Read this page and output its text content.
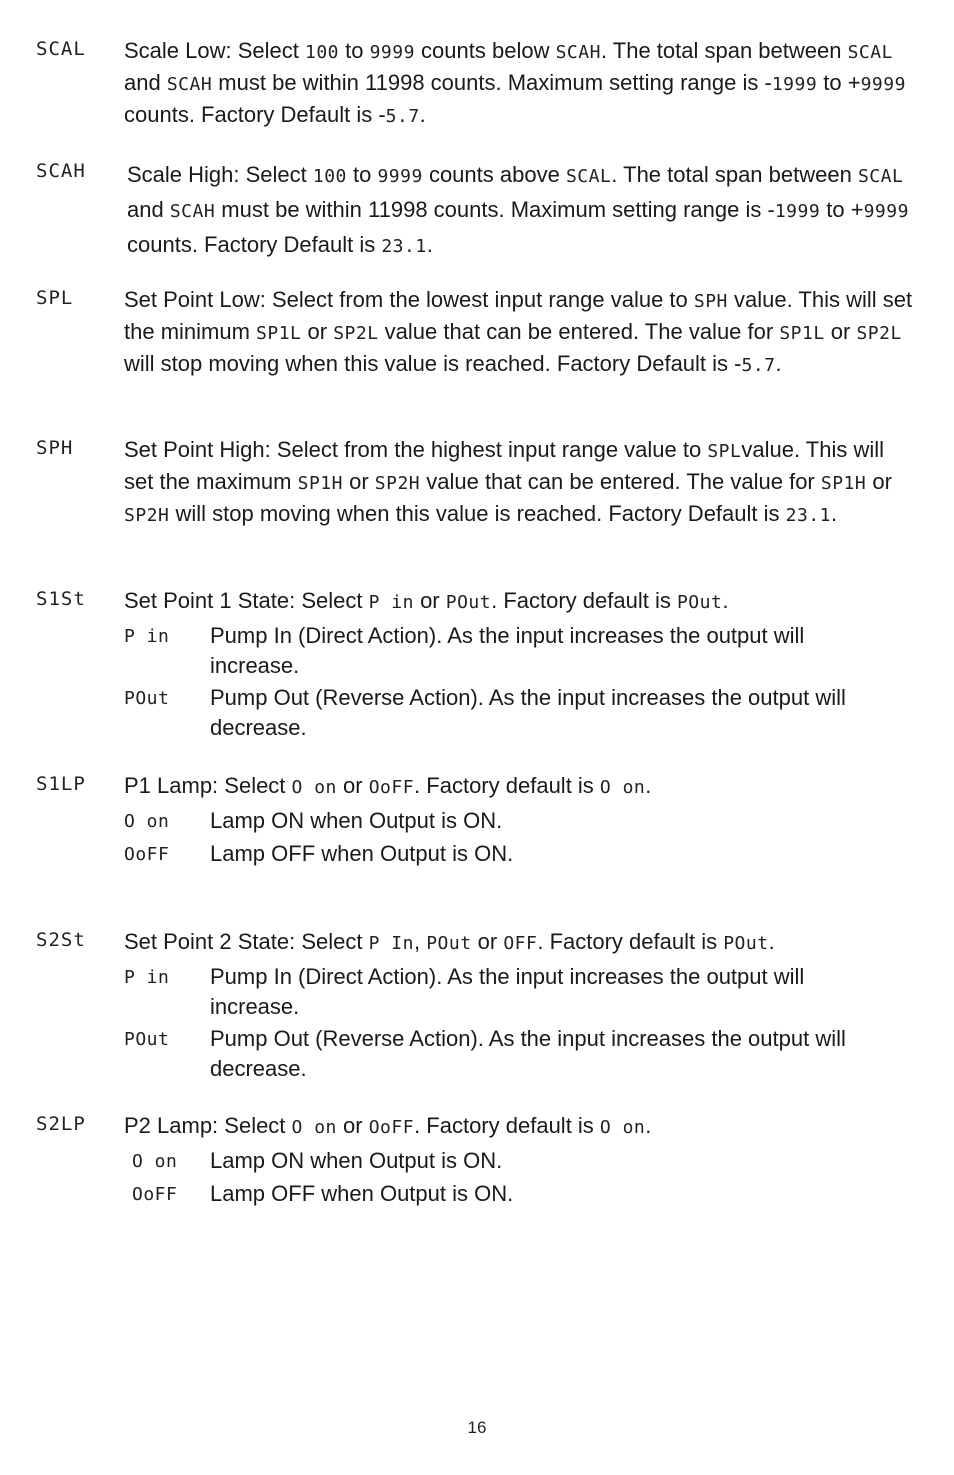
SCAL Scale Low: Select 100 to 9999 counts below SCAH. The total span between SCAL and SCAH must be within 11998 counts. Maximum setting range is -1999 to +9999 counts. Factory Default is -5.7.

SCAH Scale High: Select 100 to 9999 counts above SCAL. The total span between SCAL and SCAH must be within 11998 counts. Maximum setting range is -1999 to +9999 counts. Factory Default is 23.1.

SPL Set Point Low: Select from the lowest input range value to SPH value. This will set the minimum SP1L or SP2L value that can be entered. The value for SP1L or SP2L will stop moving when this value is reached. Factory Default is -5.7.

SPH Set Point High: Select from the highest input range value to SPLvalue. This will set the maximum SP1H or SP2H value that can be entered. The value for SP1H or SP2H will stop moving when this value is reached. Factory Default is 23.1.

S1St Set Point 1 State: Select P in or POut. Factory default is POut.

P in Pump In (Direct Action). As the input increases the output will increase.
POut Pump Out (Reverse Action). As the input increases the output will decrease.
S1LP P1 Lamp: Select O on or OoFF. Factory default is O on.

O on Lamp ON when Output is ON.
OoFF Lamp OFF when Output is ON.
S2St Set Point 2 State: Select P In, POut or OFF. Factory default is POut.

P in Pump In (Direct Action). As the input increases the output will increase.
POut Pump Out (Reverse Action). As the input increases the output will decrease.
S2LP P2 Lamp: Select O on or OoFF. Factory default is O on.

O on Lamp ON when Output is ON.
OoFF Lamp OFF when Output is ON.
16
